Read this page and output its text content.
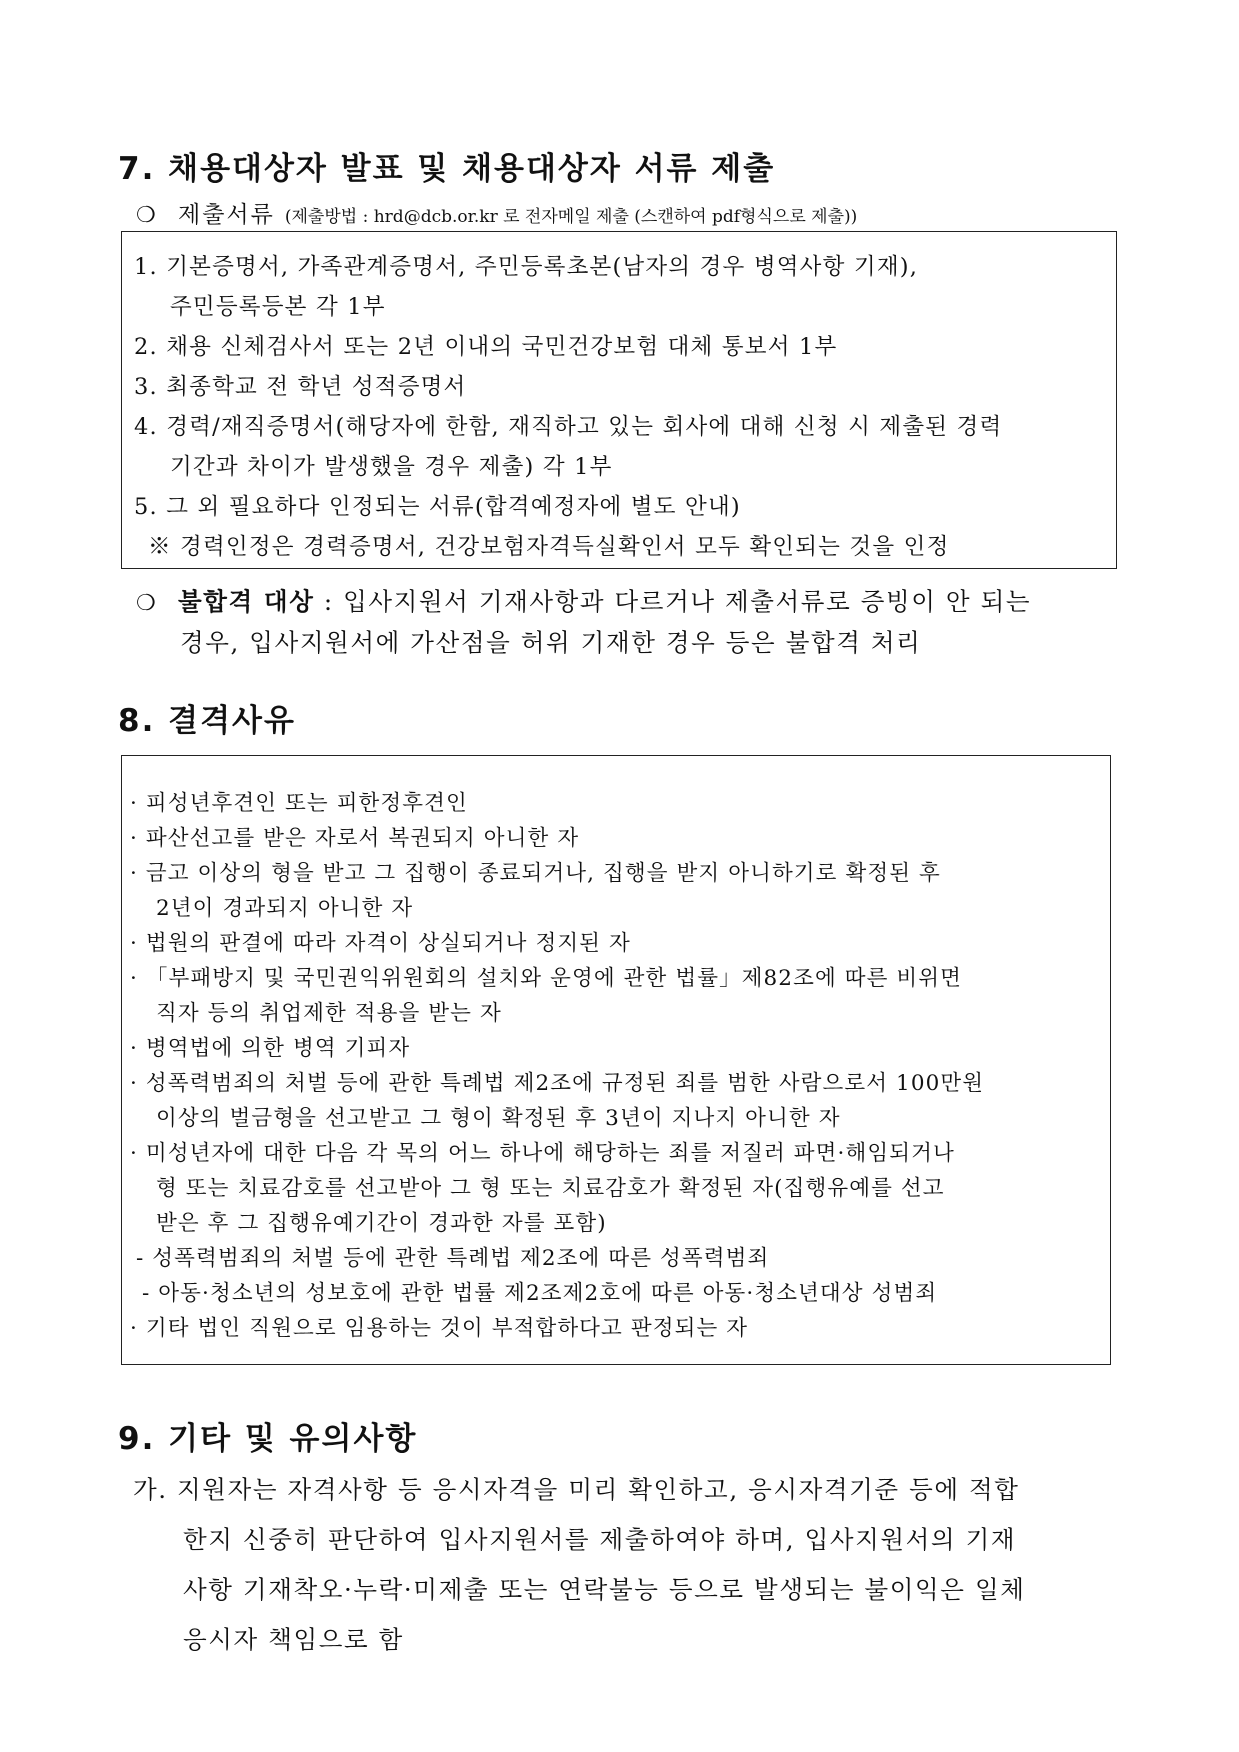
7. 채용대상자 발표 및 채용대상자 서류 제출
❍ 제출서류 (제출방법 : hrd@dcb.or.kr 로 전자메일 제출 (스캔하여 pdf형식으로 제출))
1. 기본증명서, 가족관계증명서, 주민등록초본(남자의 경우 병역사항 기재),
주민등록등본 각 1부
2. 채용 신체검사서 또는 2년 이내의 국민건강보험 대체 통보서 1부
3. 최종학교 전 학년 성적증명서
4. 경력/재직증명서(해당자에 한함, 재직하고 있는 회사에 대해 신청 시 제출된 경력
기간과 차이가 발생했을 경우 제출) 각 1부
5. 그 외 필요하다 인정되는 서류(합격예정자에 별도 안내)
※ 경력인정은 경력증명서, 건강보험자격득실확인서 모두 확인되는 것을 인정
❍ 불합격 대상 : 입사지원서 기재사항과 다르거나 제출서류로 증빙이 안 되는
경우, 입사지원서에 가산점을 허위 기재한 경우 등은 불합격 처리
8. 결격사유
· 피성년후견인 또는 피한정후견인
· 파산선고를 받은 자로서 복권되지 아니한 자
· 금고 이상의 형을 받고 그 집행이 종료되거나, 집행을 받지 아니하기로 확정된 후
2년이 경과되지 아니한 자
· 법원의 판결에 따라 자격이 상실되거나 정지된 자
· 「부패방지 및 국민권익위원회의 설치와 운영에 관한 법률」제82조에 따른 비위면
직자 등의 취업제한 적용을 받는 자
· 병역법에 의한 병역 기피자
· 성폭력범죄의 처벌 등에 관한 특례법 제2조에 규정된 죄를 범한 사람으로서 100만원
이상의 벌금형을 선고받고 그 형이 확정된 후 3년이 지나지 아니한 자
· 미성년자에 대한 다음 각 목의 어느 하나에 해당하는 죄를 저질러 파면·해임되거나
형 또는 치료감호를 선고받아 그 형 또는 치료감호가 확정된 자(집행유예를 선고
받은 후 그 집행유예기간이 경과한 자를 포함)
- 성폭력범죄의 처벌 등에 관한 특례법 제2조에 따른 성폭력범죄
- 아동·청소년의 성보호에 관한 법률 제2조제2호에 따른 아동·청소년대상 성범죄
· 기타 법인 직원으로 임용하는 것이 부적합하다고 판정되는 자
9. 기타 및 유의사항
가. 지원자는 자격사항 등 응시자격을 미리 확인하고, 응시자격기준 등에 적합
한지 신중히 판단하여 입사지원서를 제출하여야 하며, 입사지원서의 기재
사항 기재착오·누락·미제출 또는 연락불능 등으로 발생되는 불이익은 일체
응시자 책임으로 함
